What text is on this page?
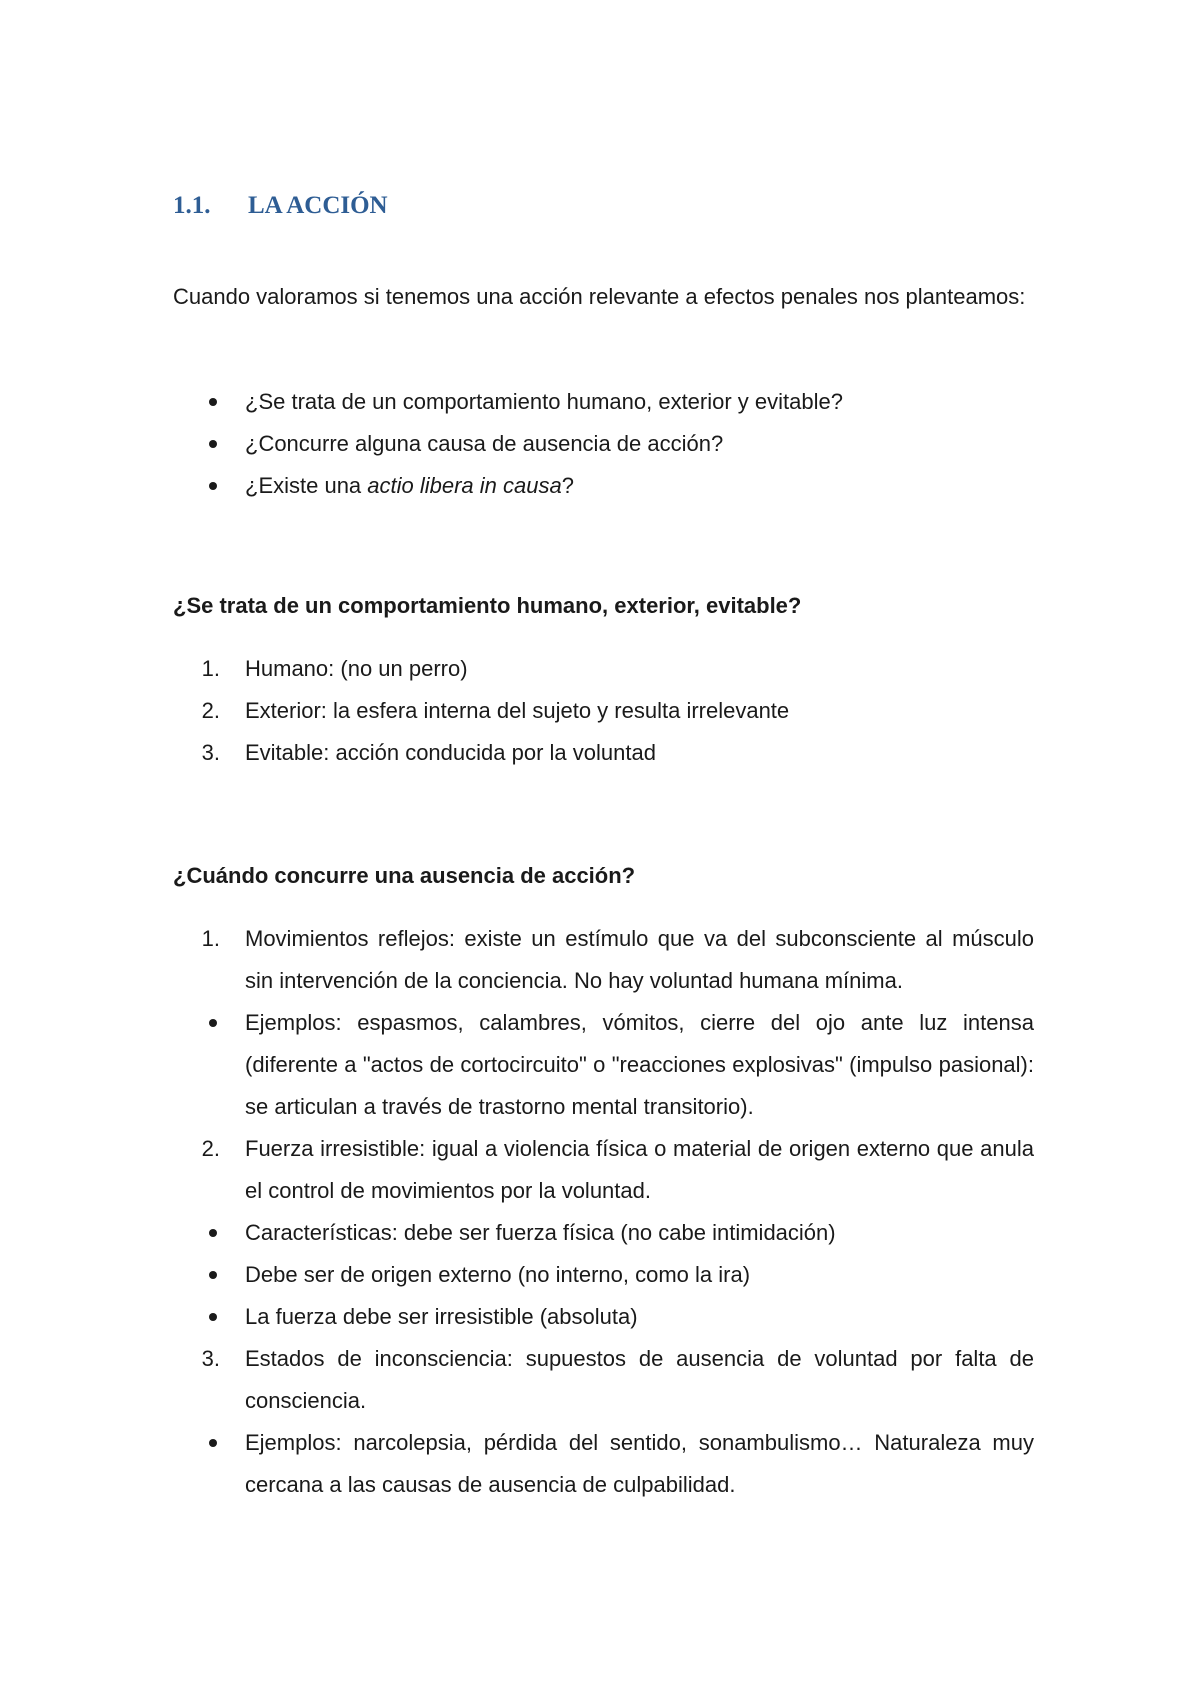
1.1.	LA ACCIÓN
Cuando valoramos si tenemos una acción relevante a efectos penales nos planteamos:
¿Se trata de un comportamiento humano, exterior y evitable?
¿Concurre alguna causa de ausencia de acción?
¿Existe una actio libera in causa?
¿Se trata de un comportamiento humano, exterior, evitable?
1.	Humano: (no un perro)
2.	Exterior: la esfera interna del sujeto y resulta irrelevante
3.	Evitable: acción conducida por la voluntad
¿Cuándo concurre una ausencia de acción?
1.	Movimientos reflejos: existe un estímulo que va del subconsciente al músculo sin intervención de la conciencia. No hay voluntad humana mínima.
Ejemplos: espasmos, calambres, vómitos, cierre del ojo ante luz intensa (diferente a "actos de cortocircuito" o "reacciones explosivas" (impulso pasional): se articulan a través de trastorno mental transitorio).
2.	Fuerza irresistible: igual a violencia física o material de origen externo que anula el control de movimientos por la voluntad.
Características: debe ser fuerza física (no cabe intimidación)
Debe ser de origen externo (no interno, como la ira)
La fuerza debe ser irresistible (absoluta)
3.	Estados de inconsciencia: supuestos de ausencia de voluntad por falta de consciencia.
Ejemplos: narcolepsia, pérdida del sentido, sonambulismo… Naturaleza muy cercana a las causas de ausencia de culpabilidad.
